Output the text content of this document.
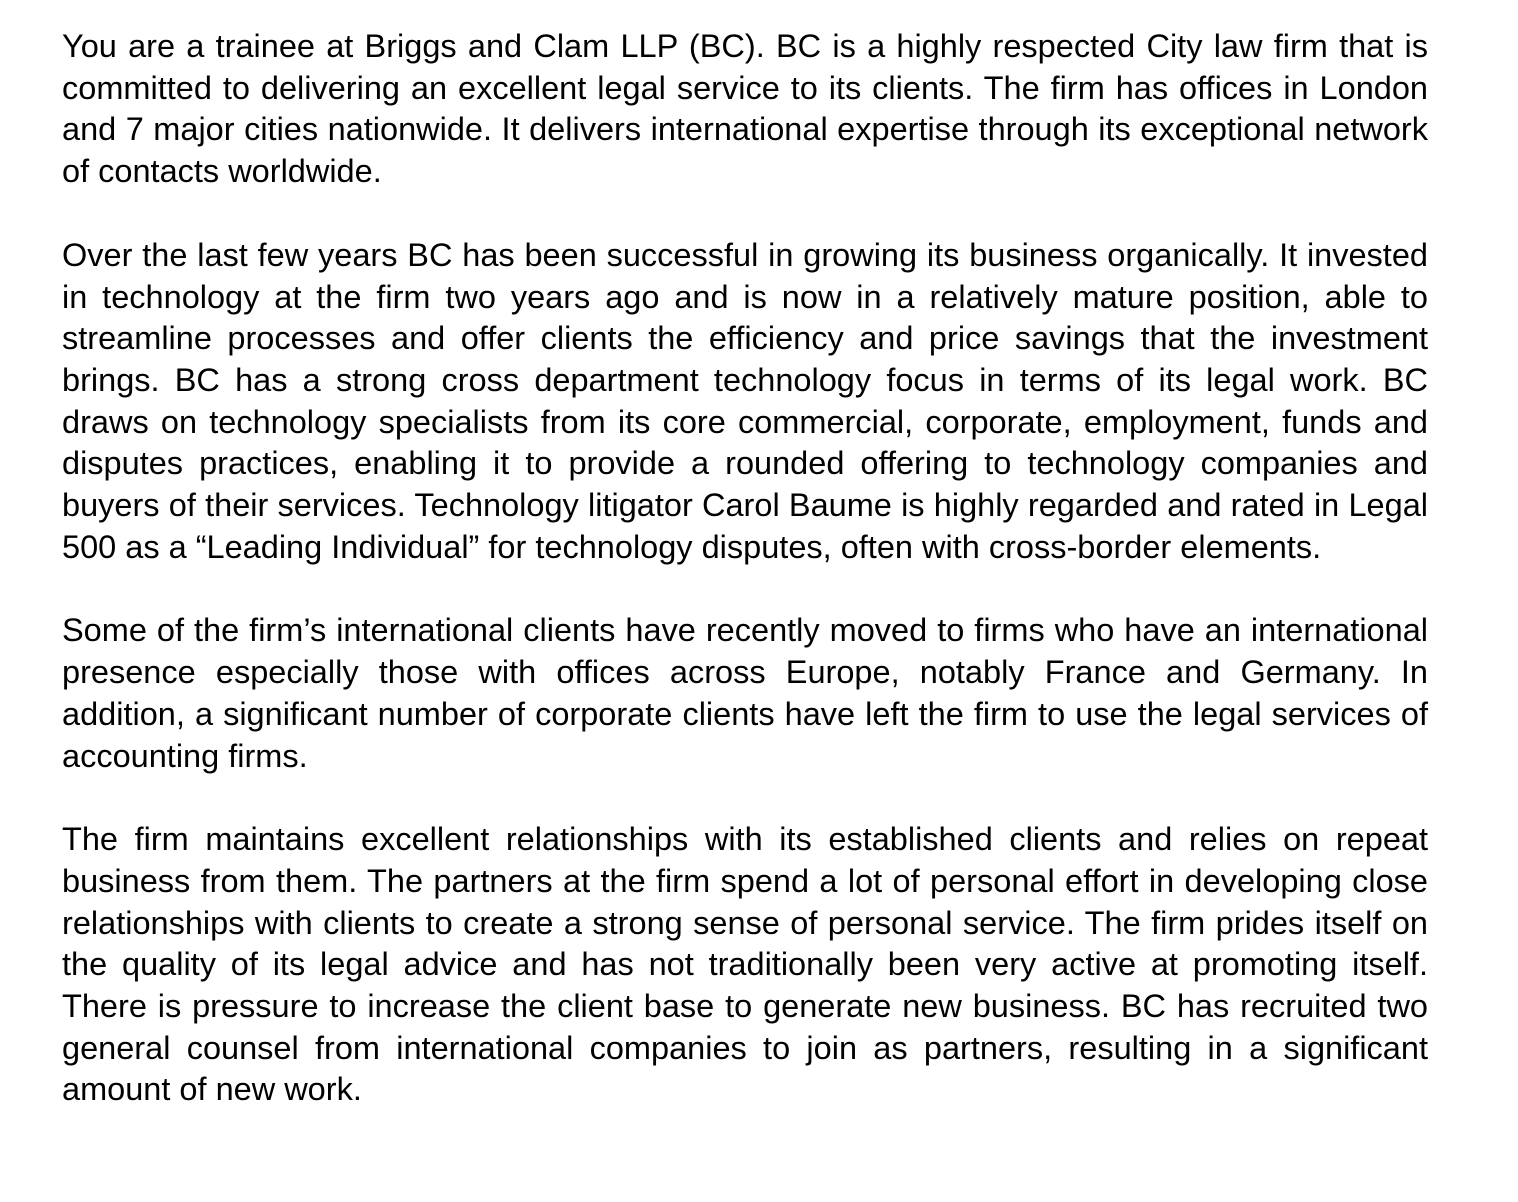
You are a trainee at Briggs and Clam LLP (BC). BC is a highly respected City law firm that is committed to delivering an excellent legal service to its clients. The firm has offices in London and 7 major cities nationwide. It delivers international expertise through its exceptional network of contacts worldwide.

Over the last few years BC has been successful in growing its business organically. It invested in technology at the firm two years ago and is now in a relatively mature position, able to streamline processes and offer clients the efficiency and price savings that the investment brings. BC has a strong cross department technology focus in terms of its legal work. BC draws on technology specialists from its core commercial, corporate, employment, funds and disputes practices, enabling it to provide a rounded offering to technology companies and buyers of their services. Technology litigator Carol Baume is highly regarded and rated in Legal 500 as a “Leading Individual” for technology disputes, often with cross-border elements.

Some of the firm’s international clients have recently moved to firms who have an international presence especially those with offices across Europe, notably France and Germany. In addition, a significant number of corporate clients have left the firm to use the legal services of accounting firms.

The firm maintains excellent relationships with its established clients and relies on repeat business from them. The partners at the firm spend a lot of personal effort in developing close relationships with clients to create a strong sense of personal service. The firm prides itself on the quality of its legal advice and has not traditionally been very active at promoting itself. There is pressure to increase the client base to generate new business. BC has recruited two general counsel from international companies to join as partners, resulting in a significant amount of new work.
